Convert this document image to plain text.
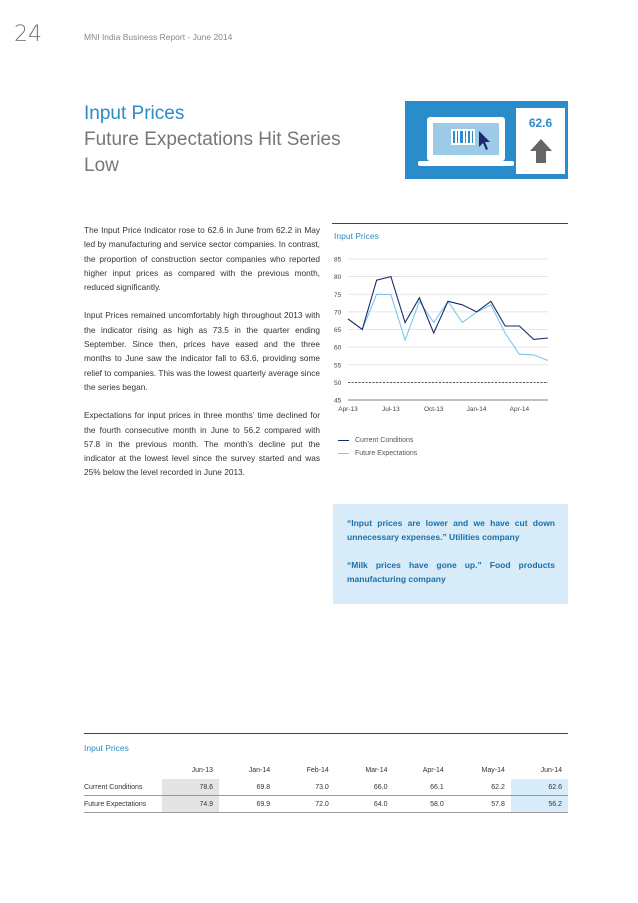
24	MNI India Business Report - June 2014
Input Prices
Future Expectations Hit Series
Low
62.6

The Input Price Indicator rose to 62.6 in June from 62.2 in May led by manufacturing and service sector companies. In contrast, the proportion of construction sector companies who reported higher input prices as compared with the previous month, reduced significantly.

Input Prices remained uncomfortably high throughout 2013 with the indicator rising as high as 73.5 in the quarter ending September. Since then, prices have eased and the three months to June saw the indicator fall to 63.6, providing some relief to companies. This was the lowest quarterly average since the series began.

Expectations for input prices in three months’ time declined for the fourth consecutive month in June to 56.2 compared with 57.8 in the previous month. The month’s decline put the indicator at the lowest level since the survey started and was 25% below the level recorded in June 2013.

Input Prices
85
80
75
70
65
60
55
50
45
Apr-13	Jul-13	Oct-13	Jan-14	Apr-14
Current Conditions
Future Expectations
“Input prices are lower and we have cut down unnecessary expenses.” Utilities company
“Milk prices have gone up.” Food products manufacturing company
Input Prices
	Jun-13	Jan-14	Feb-14	Mar-14	Apr-14	May-14	Jun-14
Current Conditions	78.6	69.8	73.0	66.0	66.1	62.2	62.6
Future Expectations	74.9	69.9	72.0	64.0	58.0	57.8	56.2
